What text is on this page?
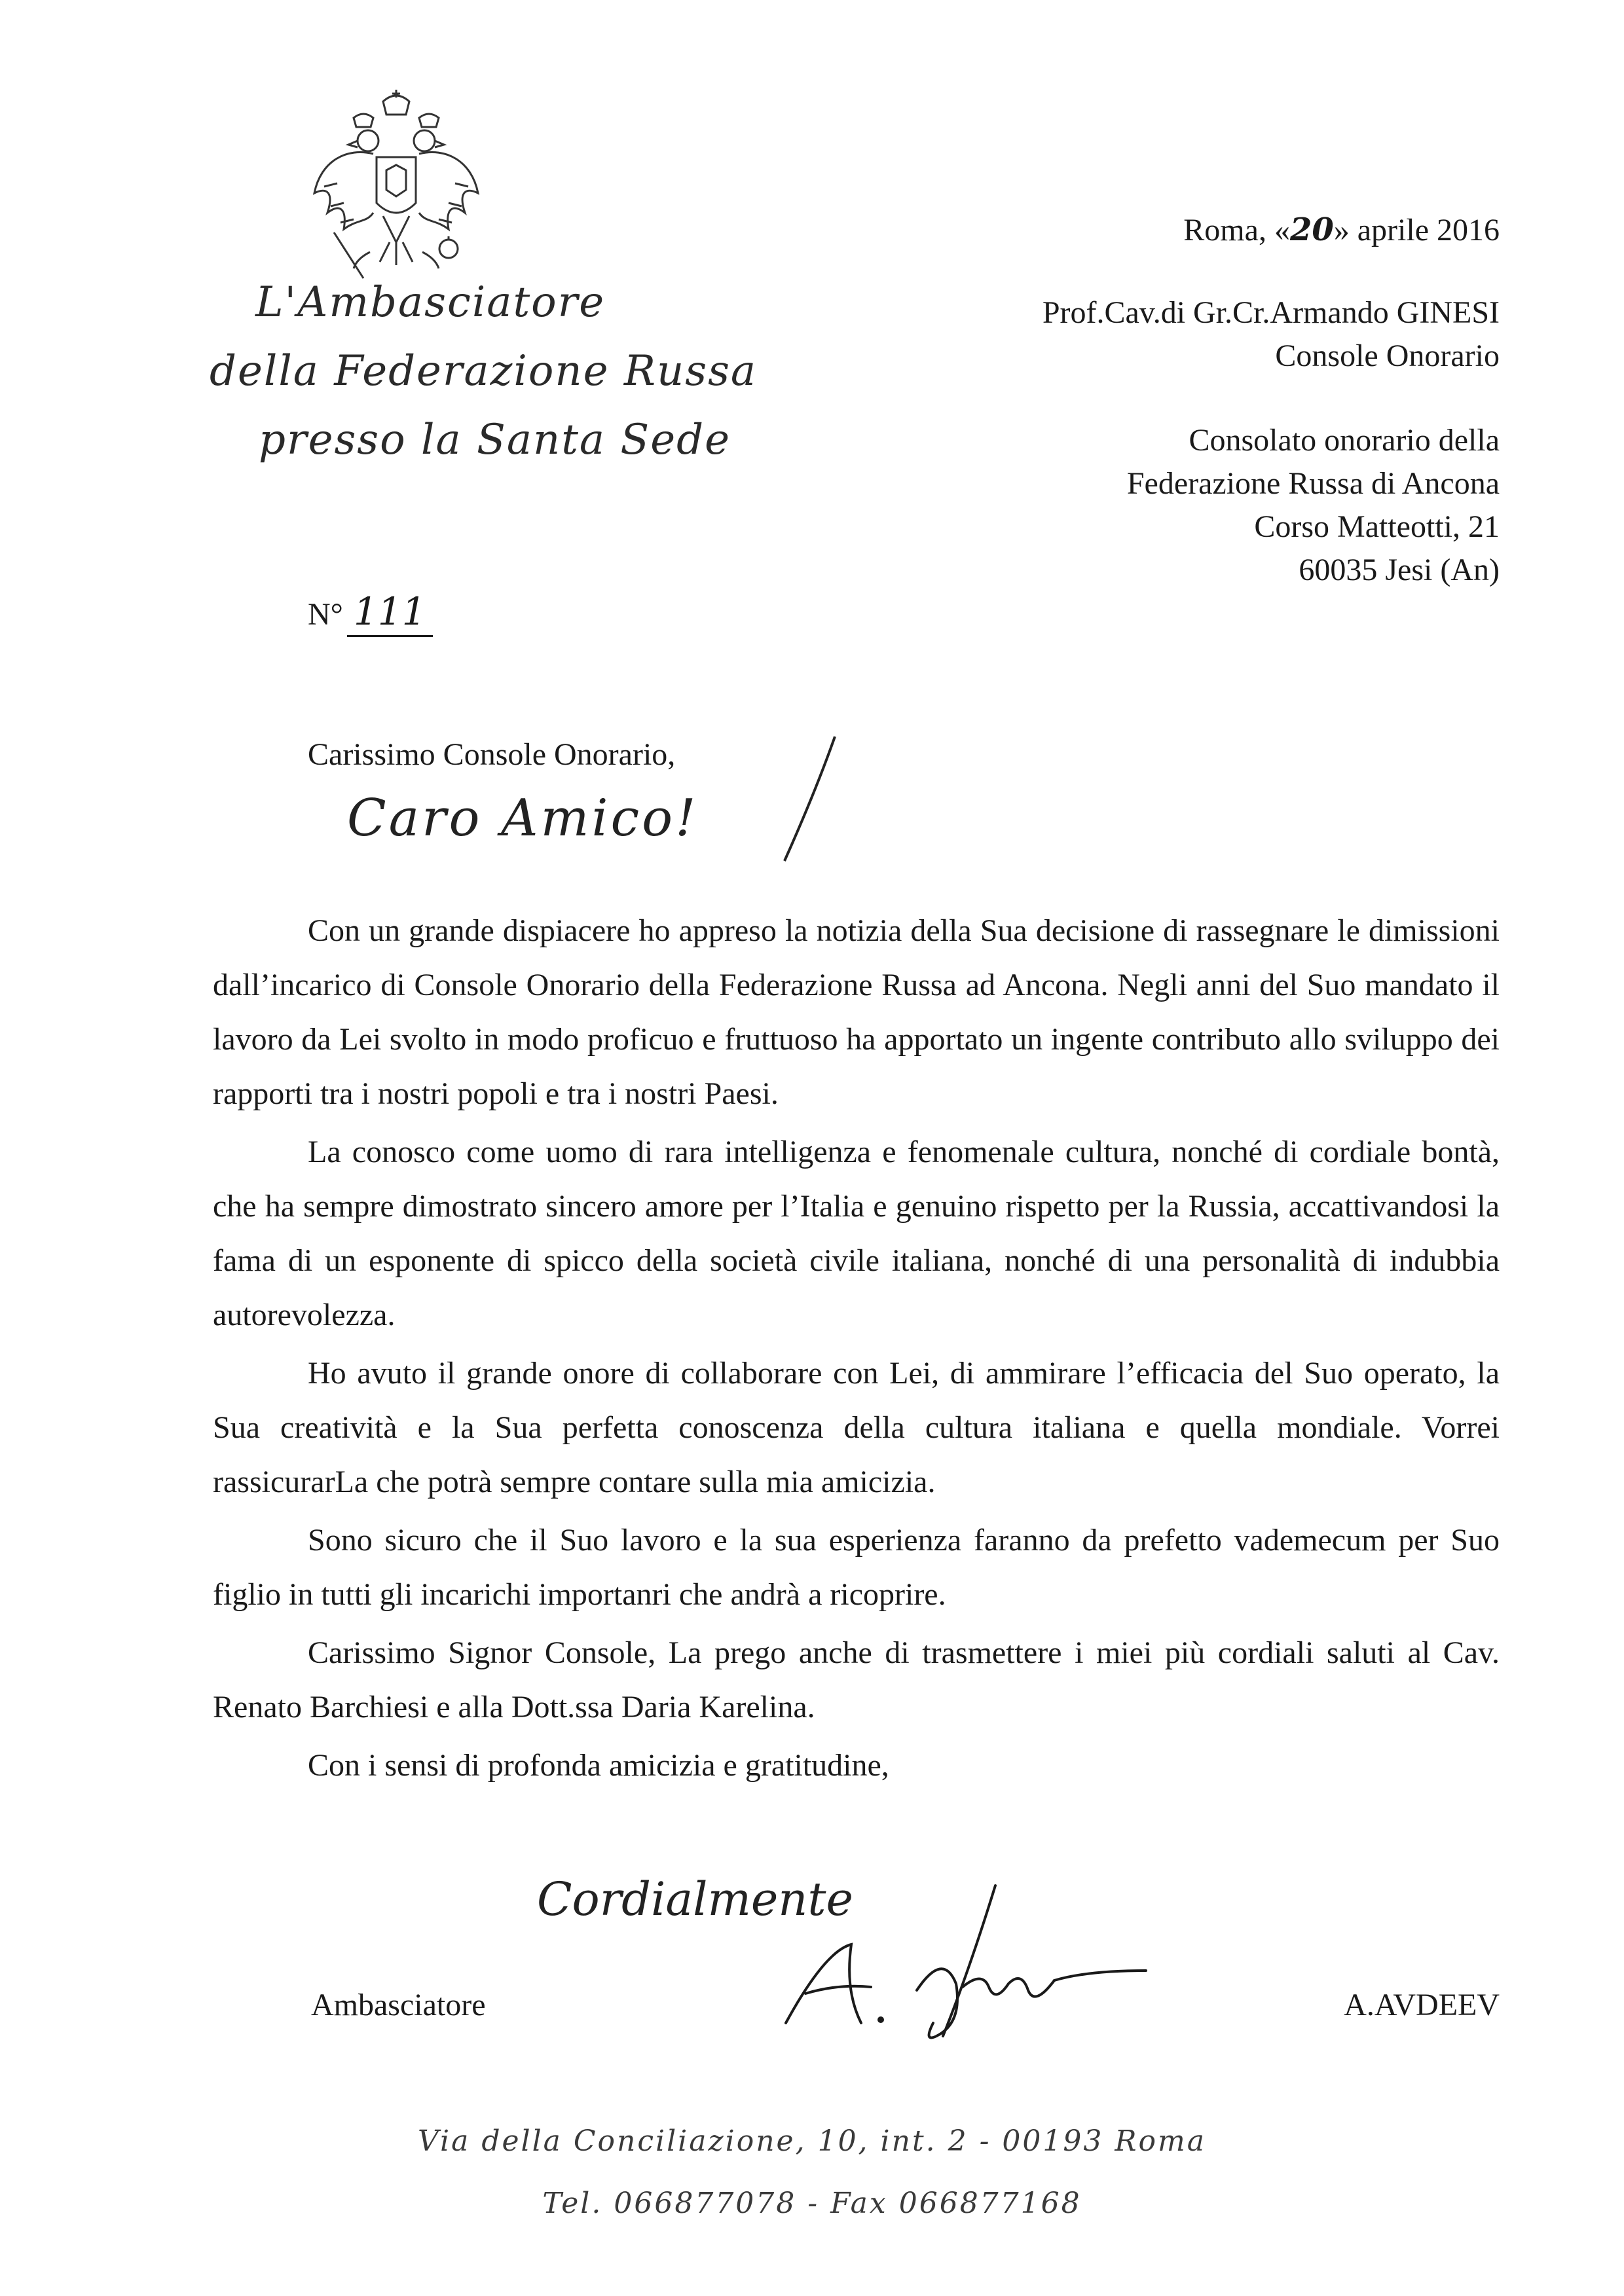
L'Ambasciatore
della Federazione Russa
presso la Santa Sede
N° 111
Roma, «20» aprile 2016
Prof.Cav.di Gr.Cr.Armando GINESI
Console Onorario
Consolato onorario della
Federazione Russa di Ancona
Corso Matteotti, 21
60035 Jesi (An)
Carissimo Console Onorario,
Caro Amico!

Con un grande dispiacere ho appreso la notizia della Sua decisione di rassegnare le dimissioni dall’incarico di Console Onorario della Federazione Russa ad Ancona. Negli anni del Suo mandato il lavoro da Lei svolto in modo proficuo e fruttuoso ha apportato un ingente contributo allo sviluppo dei rapporti tra i nostri popoli e tra i nostri Paesi.

La conosco come uomo di rara intelligenza e fenomenale cultura, nonché di cordiale bontà, che ha sempre dimostrato sincero amore per l’Italia e genuino rispetto per la Russia, accattivandosi la fama di un esponente di spicco della società civile italiana, nonché di una personalità di indubbia autorevolezza.

Ho avuto il grande onore di collaborare con Lei, di ammirare l’efficacia del Suo operato, la Sua creatività e la Sua perfetta conoscenza della cultura italiana e quella mondiale. Vorrei rassicurarLa che potrà sempre contare sulla mia amicizia.

Sono sicuro che il Suo lavoro e la sua esperienza faranno da prefetto vademecum per Suo figlio in tutti gli incarichi importanri che andrà a ricoprire.

Carissimo Signor Console, La prego anche di trasmettere i miei più cordiali saluti al Cav. Renato Barchiesi e alla Dott.ssa Daria Karelina.

Con i sensi di profonda amicizia e gratitudine,

Cordialmente
Ambasciatore	A.AVDEEV
Via della Conciliazione, 10, int. 2 - 00193 Roma
Tel. 066877078 - Fax 066877168
